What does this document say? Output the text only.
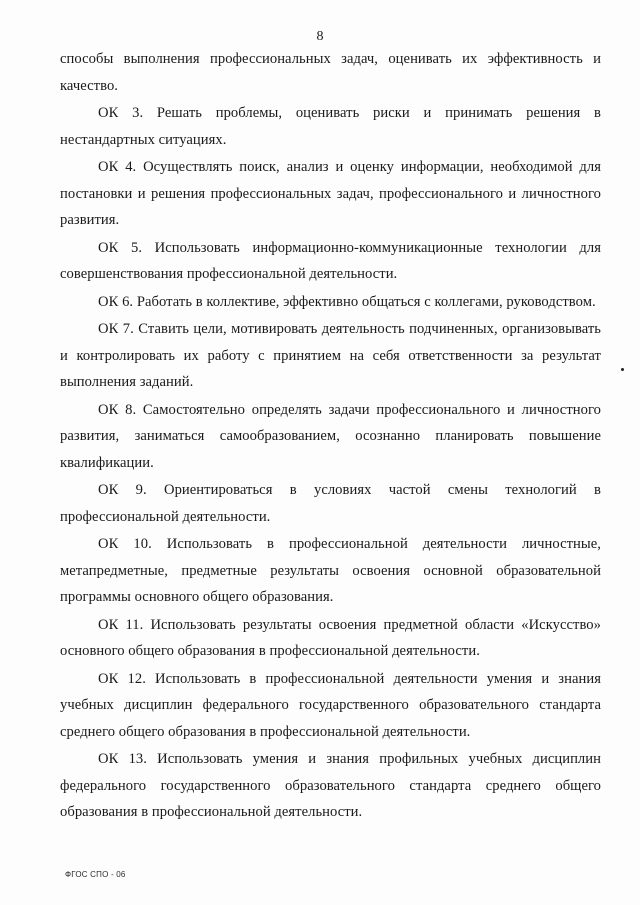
8

способы выполнения профессиональных задач, оценивать их эффективность и качество.

ОК 3. Решать проблемы, оценивать риски и принимать решения в нестандартных ситуациях.

ОК 4. Осуществлять поиск, анализ и оценку информации, необходимой для постановки и решения профессиональных задач, профессионального и личностного развития.

ОК 5. Использовать информационно-коммуникационные технологии для совершенствования профессиональной деятельности.

ОК 6. Работать в коллективе, эффективно общаться с коллегами, руководством.

ОК 7. Ставить цели, мотивировать деятельность подчиненных, организовывать и контролировать их работу с принятием на себя ответственности за результат выполнения заданий.

ОК 8. Самостоятельно определять задачи профессионального и личностного развития, заниматься самообразованием, осознанно планировать повышение квалификации.

ОК 9. Ориентироваться в условиях частой смены технологий в профессиональной деятельности.

ОК 10. Использовать в профессиональной деятельности личностные, метапредметные, предметные результаты освоения основной образовательной программы основного общего образования.

ОК 11. Использовать результаты освоения предметной области «Искусство» основного общего образования в профессиональной деятельности.

ОК 12. Использовать в профессиональной деятельности умения и знания учебных дисциплин федерального государственного образовательного стандарта среднего общего образования в профессиональной деятельности.

ОК 13. Использовать умения и знания профильных учебных дисциплин федерального государственного образовательного стандарта среднего общего образования в профессиональной деятельности.

ФГОС СПО - 06
